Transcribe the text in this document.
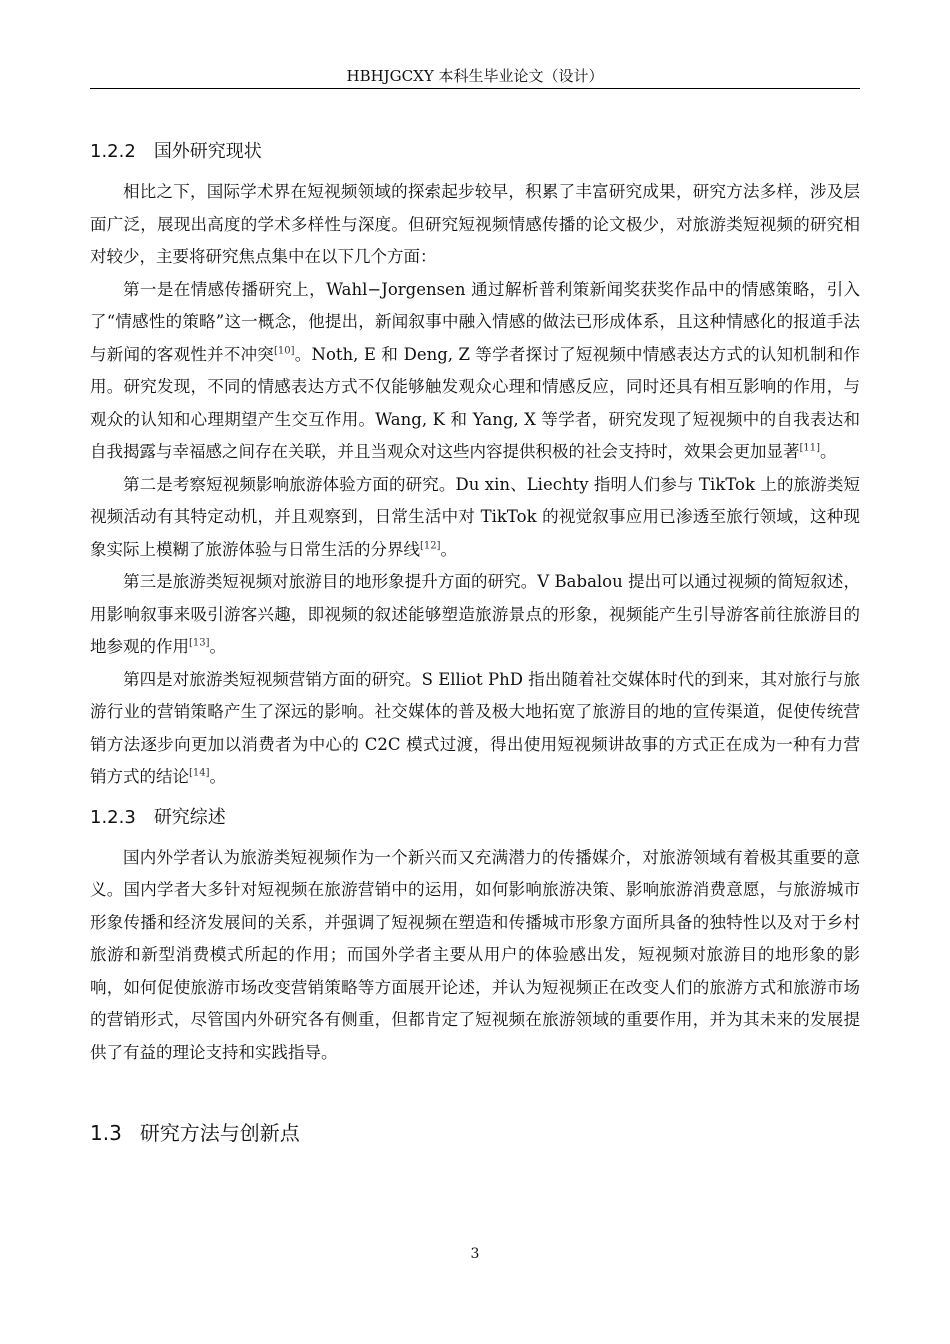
HBHJGCXY 本科生毕业论文（设计）
1.2.2 国外研究现状

相比之下，国际学术界在短视频领域的探索起步较早，积累了丰富研究成果，研究方法多样，涉及层面广泛，展现出高度的学术多样性与深度。但研究短视频情感传播的论文极少，对旅游类短视频的研究相对较少，主要将研究焦点集中在以下几个方面：

第一是在情感传播研究上，Wahl−Jorgensen 通过解析普利策新闻奖获奖作品中的情感策略，引入了“情感性的策略”这一概念，他提出，新闻叙事中融入情感的做法已形成体系，且这种情感化的报道手法与新闻的客观性并不冲突[10]。Noth, E 和 Deng, Z 等学者探讨了短视频中情感表达方式的认知机制和作用。研究发现，不同的情感表达方式不仅能够触发观众心理和情感反应，同时还具有相互影响的作用，与观众的认知和心理期望产生交互作用。Wang, K 和 Yang, X 等学者，研究发现了短视频中的自我表达和自我揭露与幸福感之间存在关联，并且当观众对这些内容提供积极的社会支持时，效果会更加显著[11]。

第二是考察短视频影响旅游体验方面的研究。Du xin、Liechty 指明人们参与 TikTok 上的旅游类短视频活动有其特定动机，并且观察到，日常生活中对 TikTok 的视觉叙事应用已渗透至旅行领域，这种现象实际上模糊了旅游体验与日常生活的分界线[12]。

第三是旅游类短视频对旅游目的地形象提升方面的研究。V Babalou 提出可以通过视频的简短叙述，用影响叙事来吸引游客兴趣，即视频的叙述能够塑造旅游景点的形象，视频能产生引导游客前往旅游目的地参观的作用[13]。

第四是对旅游类短视频营销方面的研究。S Elliot PhD 指出随着社交媒体时代的到来，其对旅行与旅游行业的营销策略产生了深远的影响。社交媒体的普及极大地拓宽了旅游目的地的宣传渠道，促使传统营销方法逐步向更加以消费者为中心的 C2C 模式过渡，得出使用短视频讲故事的方式正在成为一种有力营销方式的结论[14]。

1.2.3 研究综述

国内外学者认为旅游类短视频作为一个新兴而又充满潜力的传播媒介，对旅游领域有着极其重要的意义。国内学者大多针对短视频在旅游营销中的运用，如何影响旅游决策、影响旅游消费意愿，与旅游城市形象传播和经济发展间的关系，并强调了短视频在塑造和传播城市形象方面所具备的独特性以及对于乡村旅游和新型消费模式所起的作用；而国外学者主要从用户的体验感出发，短视频对旅游目的地形象的影响，如何促使旅游市场改变营销策略等方面展开论述，并认为短视频正在改变人们的旅游方式和旅游市场的营销形式，尽管国内外研究各有侧重，但都肯定了短视频在旅游领域的重要作用，并为其未来的发展提供了有益的理论支持和实践指导。

1.3 研究方法与创新点
3
